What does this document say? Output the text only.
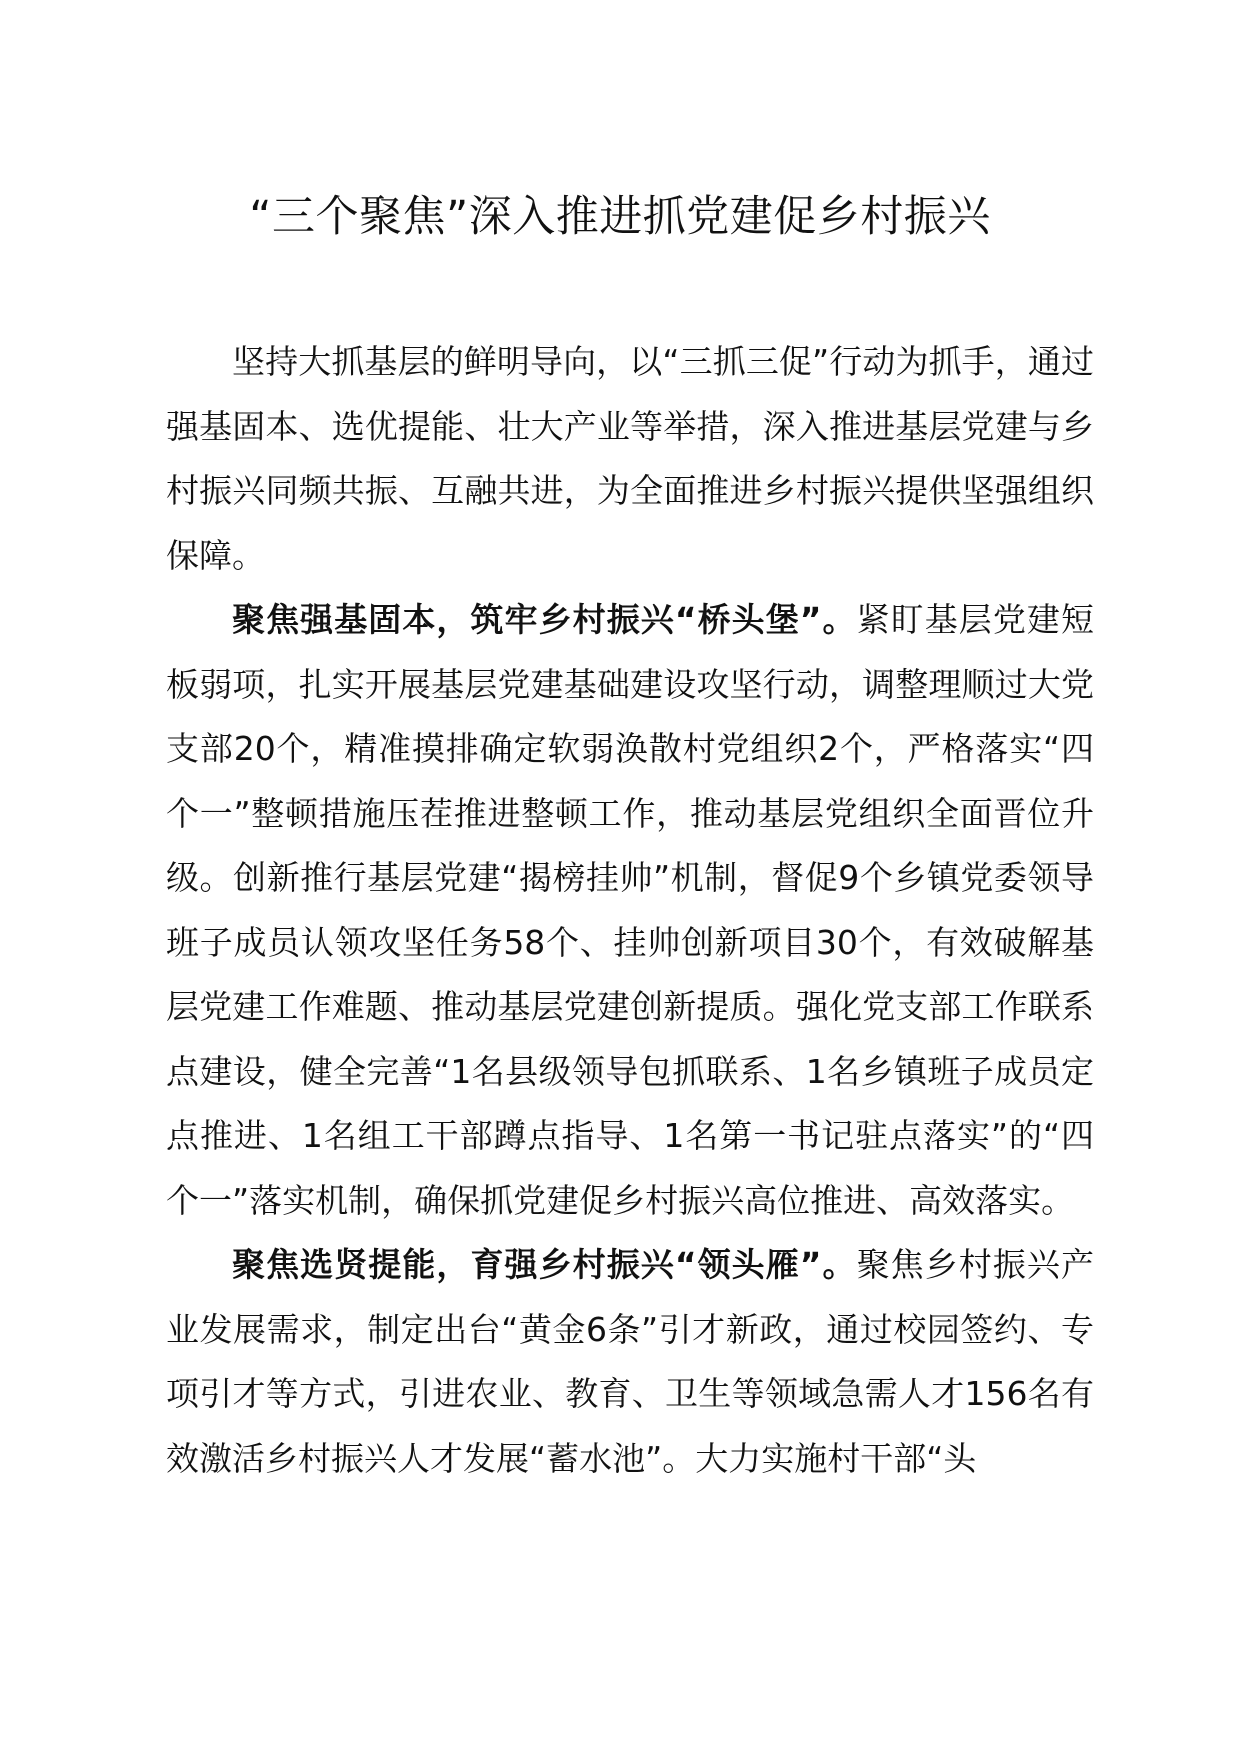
“三个聚焦”深入推进抓党建促乡村振兴

坚持大抓基层的鲜明导向，以“三抓三促”行动为抓手，通过强基固本、选优提能、壮大产业等举措，深入推进基层党建与乡村振兴同频共振、互融共进，为全面推进乡村振兴提供坚强组织保障。

聚焦强基固本，筑牢乡村振兴“桥头堡”。紧盯基层党建短板弱项，扎实开展基层党建基础建设攻坚行动，调整理顺过大党支部20个，精准摸排确定软弱涣散村党组织2个，严格落实“四个一”整顿措施压茬推进整顿工作，推动基层党组织全面晋位升级。创新推行基层党建“揭榜挂帅”机制，督促9个乡镇党委领导班子成员认领攻坚任务58个、挂帅创新项目30个，有效破解基层党建工作难题、推动基层党建创新提质。强化党支部工作联系点建设，健全完善“1名县级领导包抓联系、1名乡镇班子成员定点推进、1名组工干部蹲点指导、1名第一书记驻点落实”的“四个一”落实机制，确保抓党建促乡村振兴高位推进、高效落实。

聚焦选贤提能，育强乡村振兴“领头雁”。聚焦乡村振兴产业发展需求，制定出台“黄金6条”引才新政，通过校园签约、专项引才等方式，引进农业、教育、卫生等领域急需人才156名有效激活乡村振兴人才发展“蓄水池”。大力实施村干部“头
